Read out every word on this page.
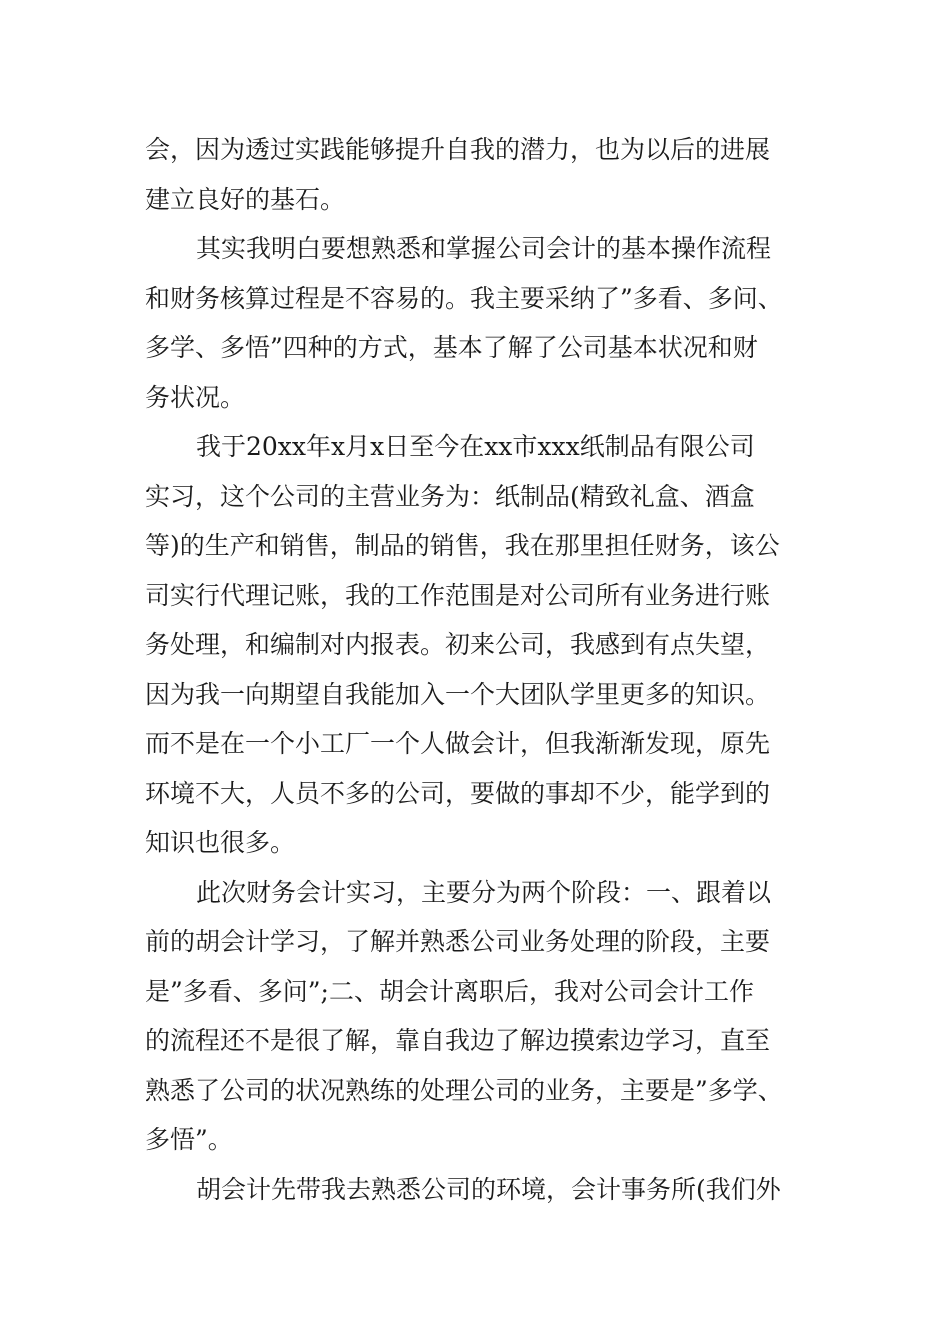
会，因为透过实践能够提升自我的潜力，也为以后的进展
建立良好的基石。
其实我明白要想熟悉和掌握公司会计的基本操作流程
和财务核算过程是不容易的。我主要采纳了”多看、多问、
多学、多悟”四种的方式，基本了解了公司基本状况和财
务状况。
我于20xx年x月x日至今在xx市xxx纸制品有限公司
实习，这个公司的主营业务为：纸制品(精致礼盒、酒盒
等)的生产和销售，制品的销售，我在那里担任财务，该公
司实行代理记账，我的工作范围是对公司所有业务进行账
务处理，和编制对内报表。初来公司，我感到有点失望，
因为我一向期望自我能加入一个大团队学里更多的知识。
而不是在一个小工厂一个人做会计，但我渐渐发现，原先
环境不大，人员不多的公司，要做的事却不少，能学到的
知识也很多。
此次财务会计实习，主要分为两个阶段：一、跟着以
前的胡会计学习，了解并熟悉公司业务处理的阶段，主要
是”多看、多问”;二、胡会计离职后，我对公司会计工作
的流程还不是很了解，靠自我边了解边摸索边学习，直至
熟悉了公司的状况熟练的处理公司的业务，主要是”多学、
多悟”。
胡会计先带我去熟悉公司的环境，会计事务所(我们外
